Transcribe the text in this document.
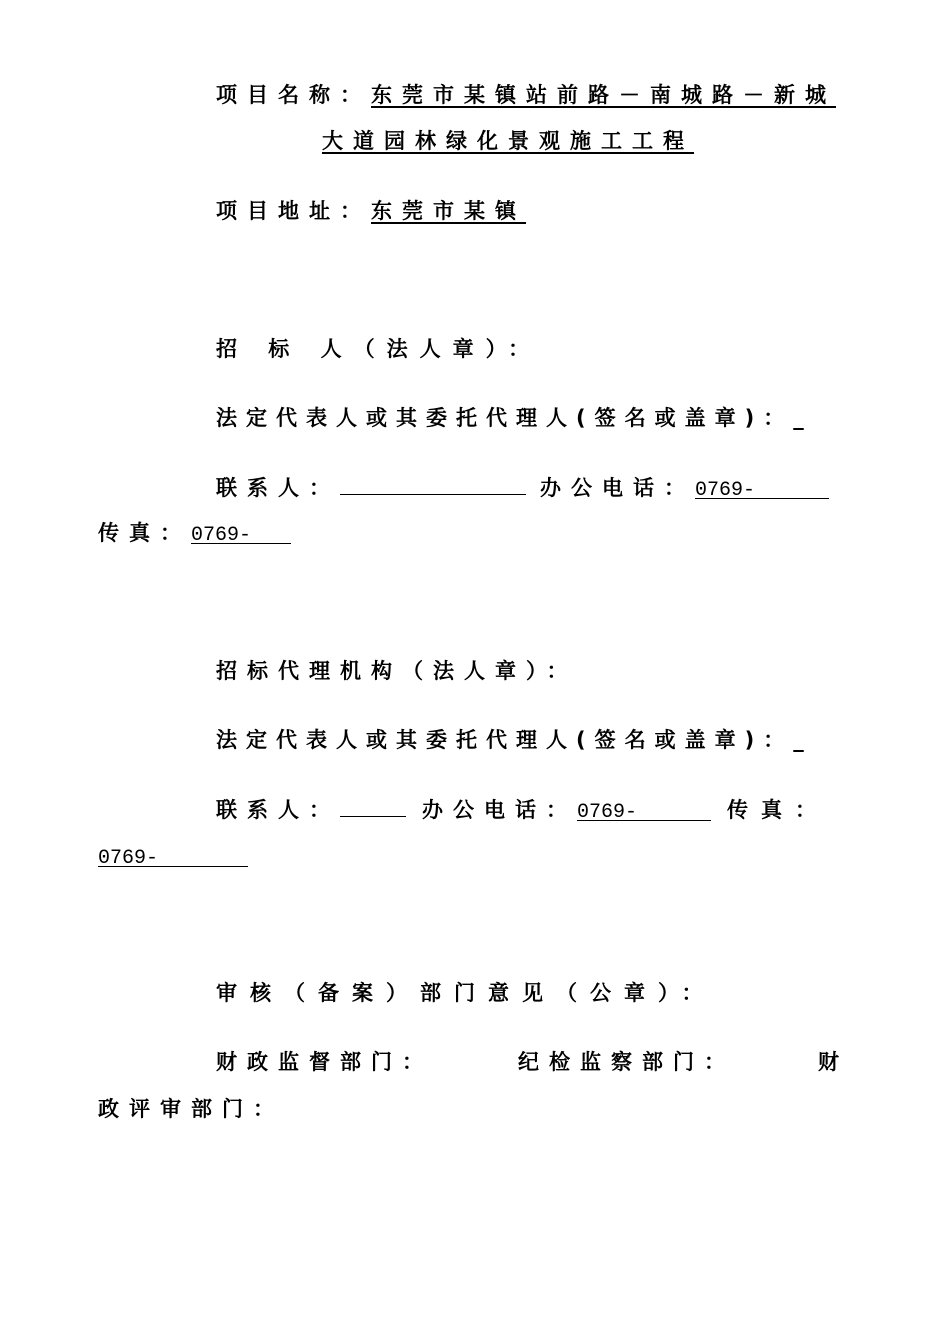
项目名称：东莞市某镇站前路－南城路－新城
大道园林绿化景观施工工程
项目地址：东莞市某镇
招 标 人（法人章）：
法定代表人或其委托代理人(签名或盖章)：_
联系人：	办公电话：0769-
传真：0769-
招标代理机构（法人章）：
法定代表人或其委托代理人(签名或盖章)：_
联系人：	办公电话：0769-	传真：
0769-
审核（备案）部门意见（公章）：
财政监督部门：	纪检监察部门：	财
政评审部门：
